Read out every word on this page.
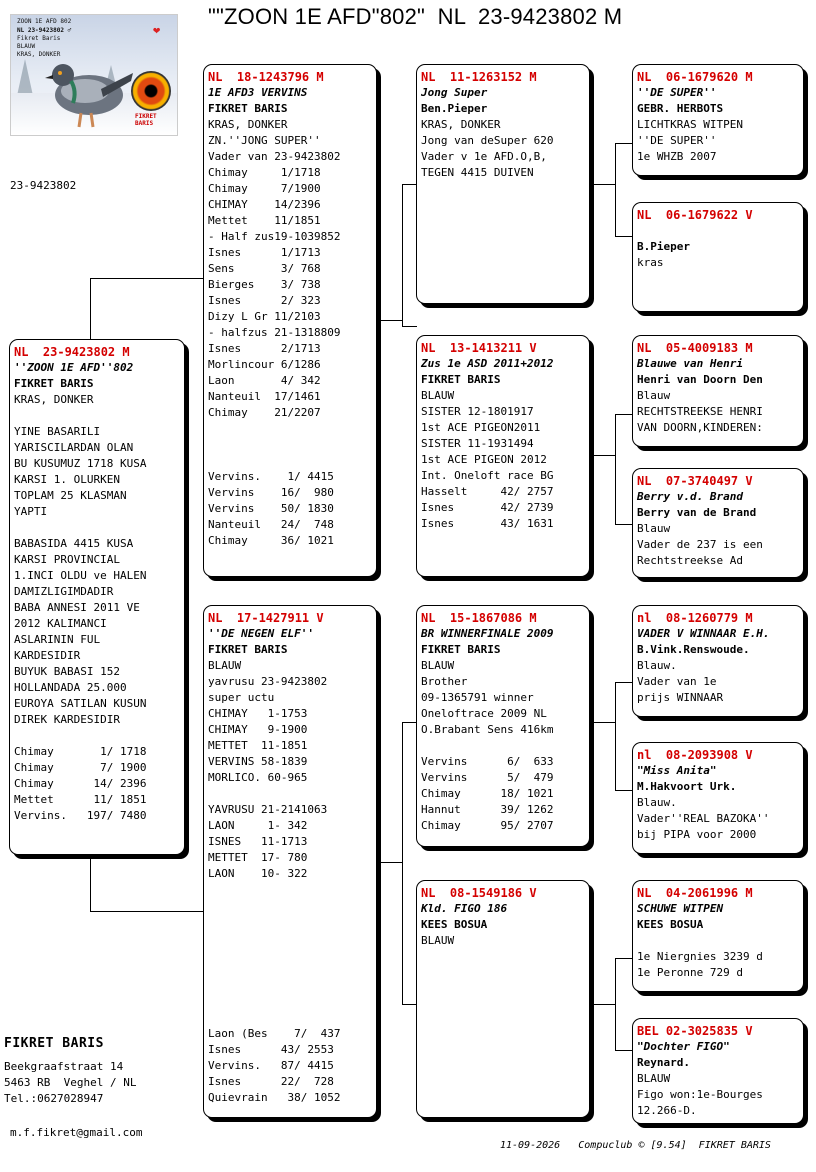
""ZOON 1E AFD"802"  NL  23-9423802 M
ZOON 1E AFD 802
NL 23-9423802 ♂
Fikret Baris
BLAUW
KRAS, DONKER
❤
FIKRET BARIS
23-9423802
NL  23-9423802 M
''ZOON 1E AFD''802
FIKRET BARIS
KRAS, DONKER
YINE BASARILI
YARISCILARDAN OLAN
BU KUSUMUZ 1718 KUSA
KARSI 1. OLURKEN
TOPLAM 25 KLASMAN
YAPTI
BABASIDA 4415 KUSA
KARSI PROVINCIAL
1.INCI OLDU ve HALEN
DAMIZLIGIMDADIR
BABA ANNESI 2011 VE
2012 KALIMANCI
ASLARININ FUL
KARDESIDIR
BUYUK BABASI 152
HOLLANDADA 25.000
EUROYA SATILAN KUSUN
DIREK KARDESIDIR
Chimay       1/ 1718
Chimay       7/ 1900
Chimay      14/ 2396
Mettet      11/ 1851
Vervins.   197/ 7480
NL  18-1243796 M
1E AFD3 VERVINS
FIKRET BARIS
KRAS, DONKER
ZN.''JONG SUPER''
Vader van 23-9423802
Chimay     1/1718
Chimay     7/1900
CHIMAY    14/2396
Mettet    11/1851
- Half zus19-1039852
Isnes      1/1713
Sens       3/ 768
Bierges    3/ 738
Isnes      2/ 323
Dizy L Gr 11/2103
- halfzus 21-1318809
Isnes      2/1713
Morlincour 6/1286
Laon       4/ 342
Nanteuil  17/1461
Chimay    21/2207
Vervins.    1/ 4415
Vervins    16/  980
Vervins    50/ 1830
Nanteuil   24/  748
Chimay     36/ 1021
NL  17-1427911 V
''DE NEGEN ELF''
FIKRET BARIS
BLAUW
yavrusu 23-9423802
super uctu
CHIMAY   1-1753
CHIMAY   9-1900
METTET  11-1851
VERVINS 58-1839
MORLICO. 60-965
YAVRUSU 21-2141063
LAON     1- 342
ISNES   11-1713
METTET  17- 780
LAON    10- 322
Laon (Bes    7/  437
Isnes      43/ 2553
Vervins.   87/ 4415
Isnes      22/  728
Quievrain   38/ 1052
NL  11-1263152 M
Jong Super
Ben.Pieper
KRAS, DONKER
Jong van deSuper 620
Vader v 1e AFD.O,B,
TEGEN 4415 DUIVEN
NL  13-1413211 V
Zus 1e ASD 2011+2012
FIKRET BARIS
BLAUW
SISTER 12-1801917
1st ACE PIGEON2011
SISTER 11-1931494
1st ACE PIGEON 2012
Int. Oneloft race BG
Hasselt     42/ 2757
Isnes       42/ 2739
Isnes       43/ 1631
NL  15-1867086 M
BR WINNERFINALE 2009
FIKRET BARIS
BLAUW
Brother
09-1365791 winner
Oneloftrace 2009 NL
O.Brabant Sens 416km
Vervins      6/  633
Vervins      5/  479
Chimay      18/ 1021
Hannut      39/ 1262
Chimay      95/ 2707
NL  08-1549186 V
Kld. FIGO 186
KEES BOSUA
BLAUW
NL  06-1679620 M
''DE SUPER''
GEBR. HERBOTS
LICHTKRAS WITPEN
''DE SUPER''
1e WHZB 2007
NL  06-1679622 V
B.Pieper
kras
NL  05-4009183 M
Blauwe van Henri
Henri van Doorn Den
Blauw
RECHTSTREEKSE HENRI
VAN DOORN,KINDEREN:
NL  07-3740497 V
Berry v.d. Brand
Berry van de Brand
Blauw
Vader de 237 is een
Rechtstreekse Ad
nl  08-1260779 M
VADER V WINNAAR E.H.
B.Vink.Renswoude.
Blauw.
Vader van 1e
prijs WINNAAR
nl  08-2093908 V
"Miss Anita"
M.Hakvoort Urk.
Blauw.
Vader''REAL BAZOKA''
bij PIPA voor 2000
NL  04-2061996 M
SCHUWE WITPEN
KEES BOSUA
1e Niergnies 3239 d
1e Peronne 729 d
BEL 02-3025835 V
"Dochter FIGO"
Reynard.
BLAUW
Figo won:1e-Bourges
12.266-D.
FIKRET BARIS
Beekgraafstraat 14
5463 RB  Veghel / NL
Tel.:0627028947
m.f.fikret@gmail.com
11-09-2026   Compuclub © [9.54]  FIKRET BARIS
